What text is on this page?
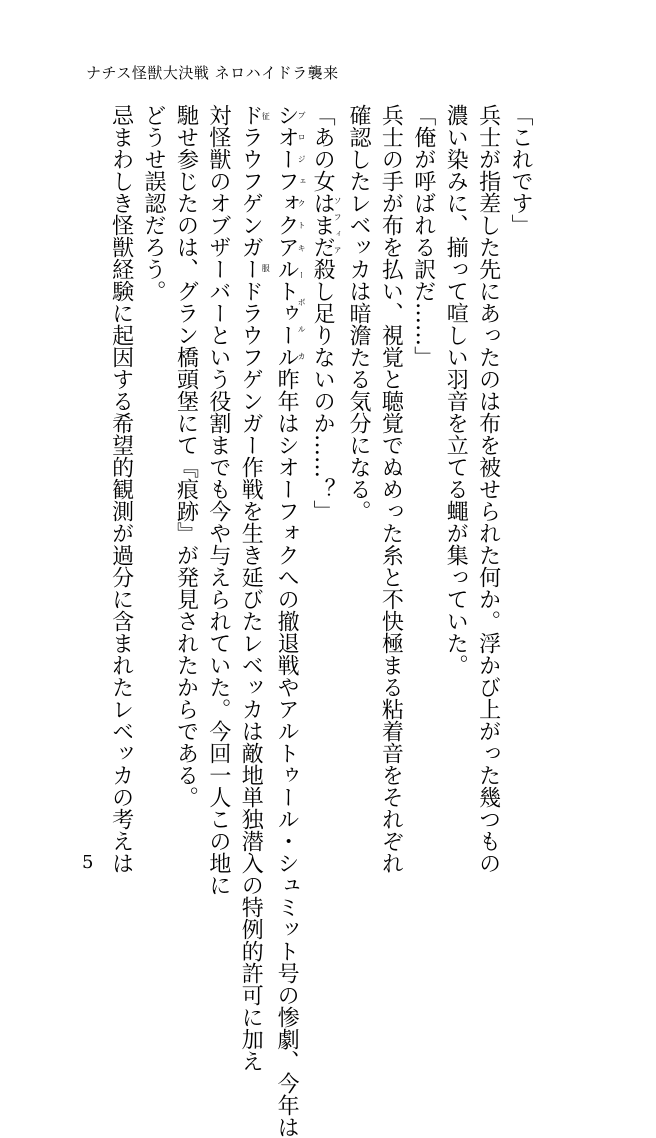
ナチス怪獣大決戦 ネロハイドラ襲来

「これです」

兵士が指差した先にあったのは布を被せられた何か。浮かび上がった幾つもの

濃い染みに、揃って喧しい羽音を立てる蠅が集っていた。

「俺が呼ばれる訳だ……」

兵士の手が布を払い、視覚と聴覚でぬめった糸と不快極まる粘着音をそれぞれ

確認したレベッカは暗澹たる気分になる。

「あの女はまだソフィア殺し足りないのか……？」

シオーフォクブロジェクトアルトゥールキーボルカ昨年はシオーフォクへの撤退戦やアルトゥール・シュミット号の惨劇、今年は

ドラウフゲンガー征服ドラウフゲンガー作戦を生き延びたレベッカは敵地単独潜入の特例的許可に加え

対怪獣のオブザーバーという役割までも今や与えられていた。今回一人この地に

馳せ参じたのは、グラン橋頭堡にて『痕跡』が発見されたからである。

どうせ誤認だろう。

忌まわしき怪獣経験に起因する希望的観測が過分に含まれたレベッカの考えは

5
